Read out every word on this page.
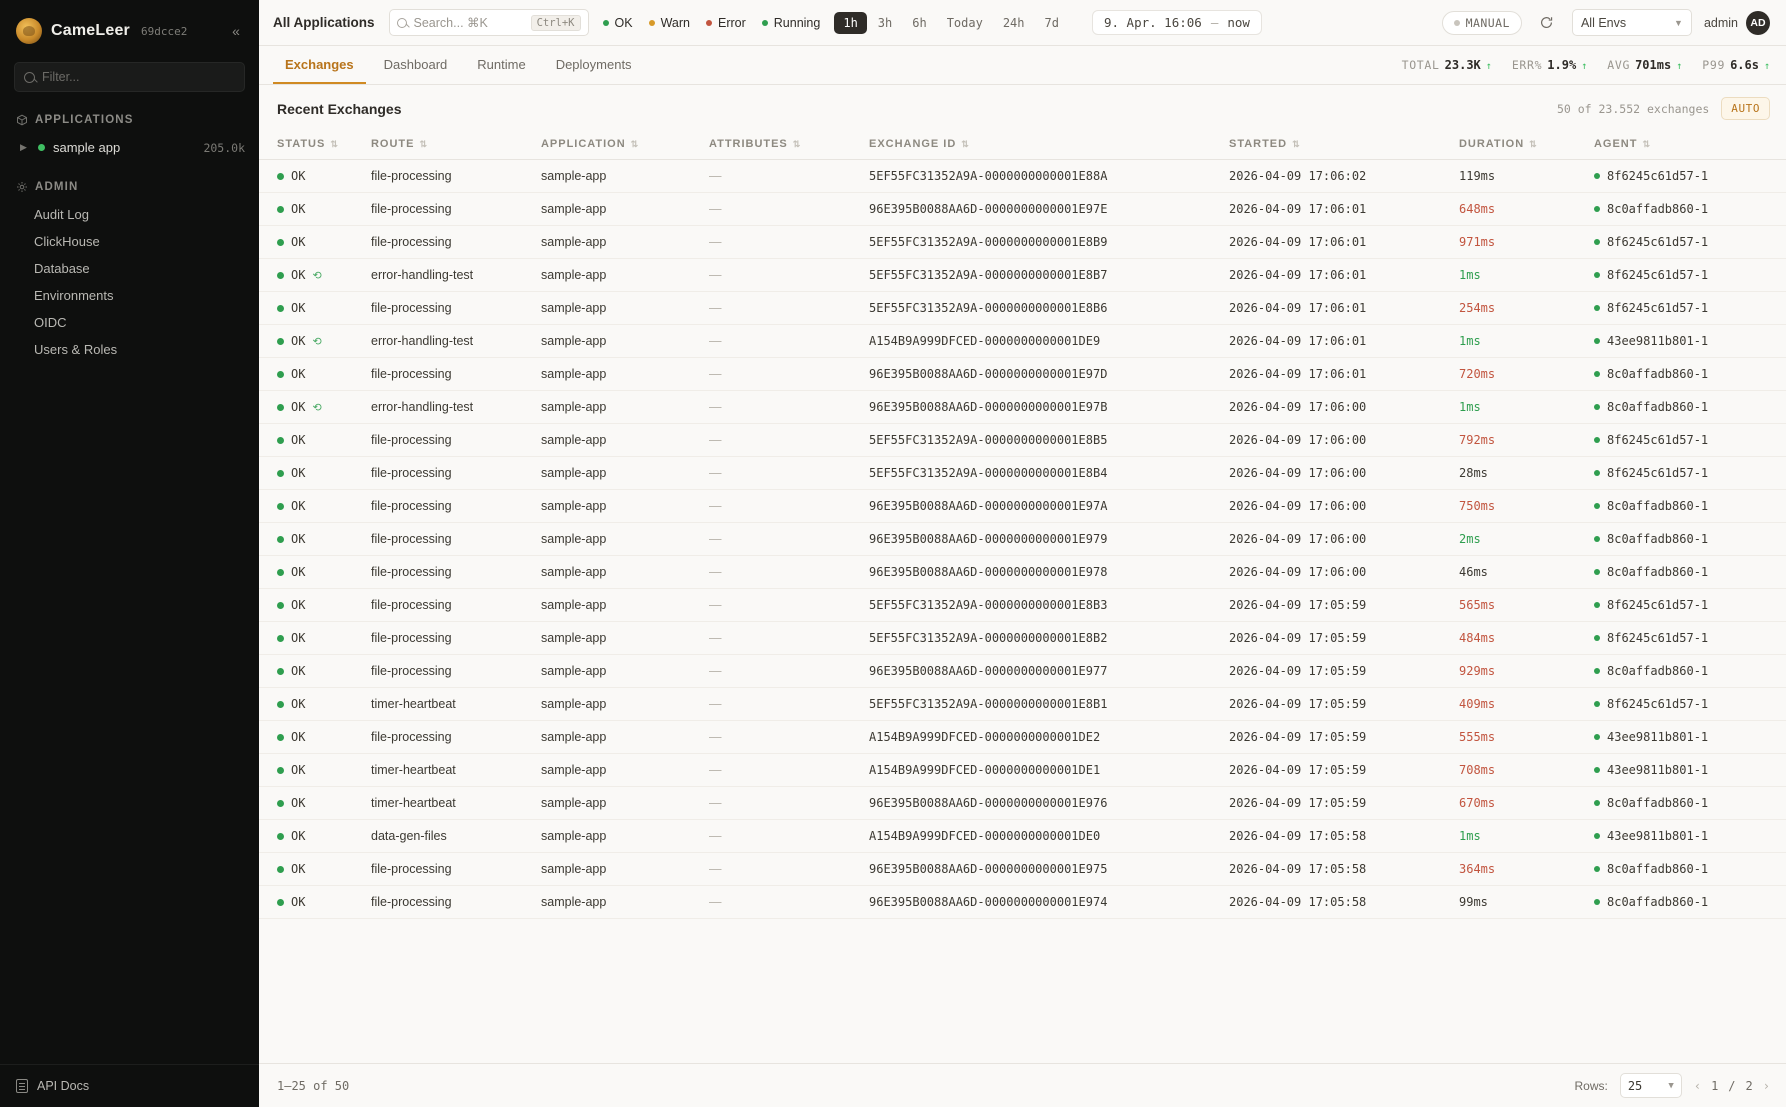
CameLeer 69dcce2	«
Filter...
APPLICATIONS
▶ sample app	205.0k
ADMIN
Audit Log
ClickHouse
Database
Environments
OIDC
Users & Roles
API Docs
All Applications	Search... ⌘K	Ctrl+K	OK Warn Error Running	1h	3h	6h	Today	24h	7d	9. Apr. 16:06 — now	MANUAL	All Envs	▼ admin	AD
Exchanges	Dashboard	Runtime	Deployments	TOTAL 23.3K ↑ ERR% 1.9% ↑ AVG 701ms ↑ P99 6.6s ↑
Recent Exchanges	50 of 23.552 exchanges	AUTO
STATUS ⇅	ROUTE ⇅	APPLICATION ⇅	ATTRIBUTES ⇅	EXCHANGE ID ⇅	STARTED ⇅	DURATION ⇅	AGENT ⇅

OK	file-processing	sample-app	—	5EF55FC31352A9A-0000000000001E88A	2026-04-09 17:06:02	119ms	8f6245c61d57-1

OK	file-processing	sample-app	—	96E395B0088AA6D-0000000000001E97E	2026-04-09 17:06:01	648ms	8c0affadb860-1

OK	file-processing	sample-app	—	5EF55FC31352A9A-0000000000001E8B9	2026-04-09 17:06:01	971ms	8f6245c61d57-1

OK ⟲	error-handling-test	sample-app	—	5EF55FC31352A9A-0000000000001E8B7	2026-04-09 17:06:01	1ms	8f6245c61d57-1

OK	file-processing	sample-app	—	5EF55FC31352A9A-0000000000001E8B6	2026-04-09 17:06:01	254ms	8f6245c61d57-1

OK ⟲	error-handling-test	sample-app	—	A154B9A999DFCED-0000000000001DE9	2026-04-09 17:06:01	1ms	43ee9811b801-1

OK	file-processing	sample-app	—	96E395B0088AA6D-0000000000001E97D	2026-04-09 17:06:01	720ms	8c0affadb860-1

OK ⟲	error-handling-test	sample-app	—	96E395B0088AA6D-0000000000001E97B	2026-04-09 17:06:00	1ms	8c0affadb860-1

OK	file-processing	sample-app	—	5EF55FC31352A9A-0000000000001E8B5	2026-04-09 17:06:00	792ms	8f6245c61d57-1

OK	file-processing	sample-app	—	5EF55FC31352A9A-0000000000001E8B4	2026-04-09 17:06:00	28ms	8f6245c61d57-1

OK	file-processing	sample-app	—	96E395B0088AA6D-0000000000001E97A	2026-04-09 17:06:00	750ms	8c0affadb860-1

OK	file-processing	sample-app	—	96E395B0088AA6D-0000000000001E979	2026-04-09 17:06:00	2ms	8c0affadb860-1

OK	file-processing	sample-app	—	96E395B0088AA6D-0000000000001E978	2026-04-09 17:06:00	46ms	8c0affadb860-1

OK	file-processing	sample-app	—	5EF55FC31352A9A-0000000000001E8B3	2026-04-09 17:05:59	565ms	8f6245c61d57-1

OK	file-processing	sample-app	—	5EF55FC31352A9A-0000000000001E8B2	2026-04-09 17:05:59	484ms	8f6245c61d57-1

OK	file-processing	sample-app	—	96E395B0088AA6D-0000000000001E977	2026-04-09 17:05:59	929ms	8c0affadb860-1

OK	timer-heartbeat	sample-app	—	5EF55FC31352A9A-0000000000001E8B1	2026-04-09 17:05:59	409ms	8f6245c61d57-1

OK	file-processing	sample-app	—	A154B9A999DFCED-0000000000001DE2	2026-04-09 17:05:59	555ms	43ee9811b801-1

OK	timer-heartbeat	sample-app	—	A154B9A999DFCED-0000000000001DE1	2026-04-09 17:05:59	708ms	43ee9811b801-1

OK	timer-heartbeat	sample-app	—	96E395B0088AA6D-0000000000001E976	2026-04-09 17:05:59	670ms	8c0affadb860-1

OK	data-gen-files	sample-app	—	A154B9A999DFCED-0000000000001DE0	2026-04-09 17:05:58	1ms	43ee9811b801-1

OK	file-processing	sample-app	—	96E395B0088AA6D-0000000000001E975	2026-04-09 17:05:58	364ms	8c0affadb860-1

OK	file-processing	sample-app	—	96E395B0088AA6D-0000000000001E974	2026-04-09 17:05:58	99ms	8c0affadb860-1
1–25 of 50	Rows: 25	▼ ‹ 1 / 2 ›
